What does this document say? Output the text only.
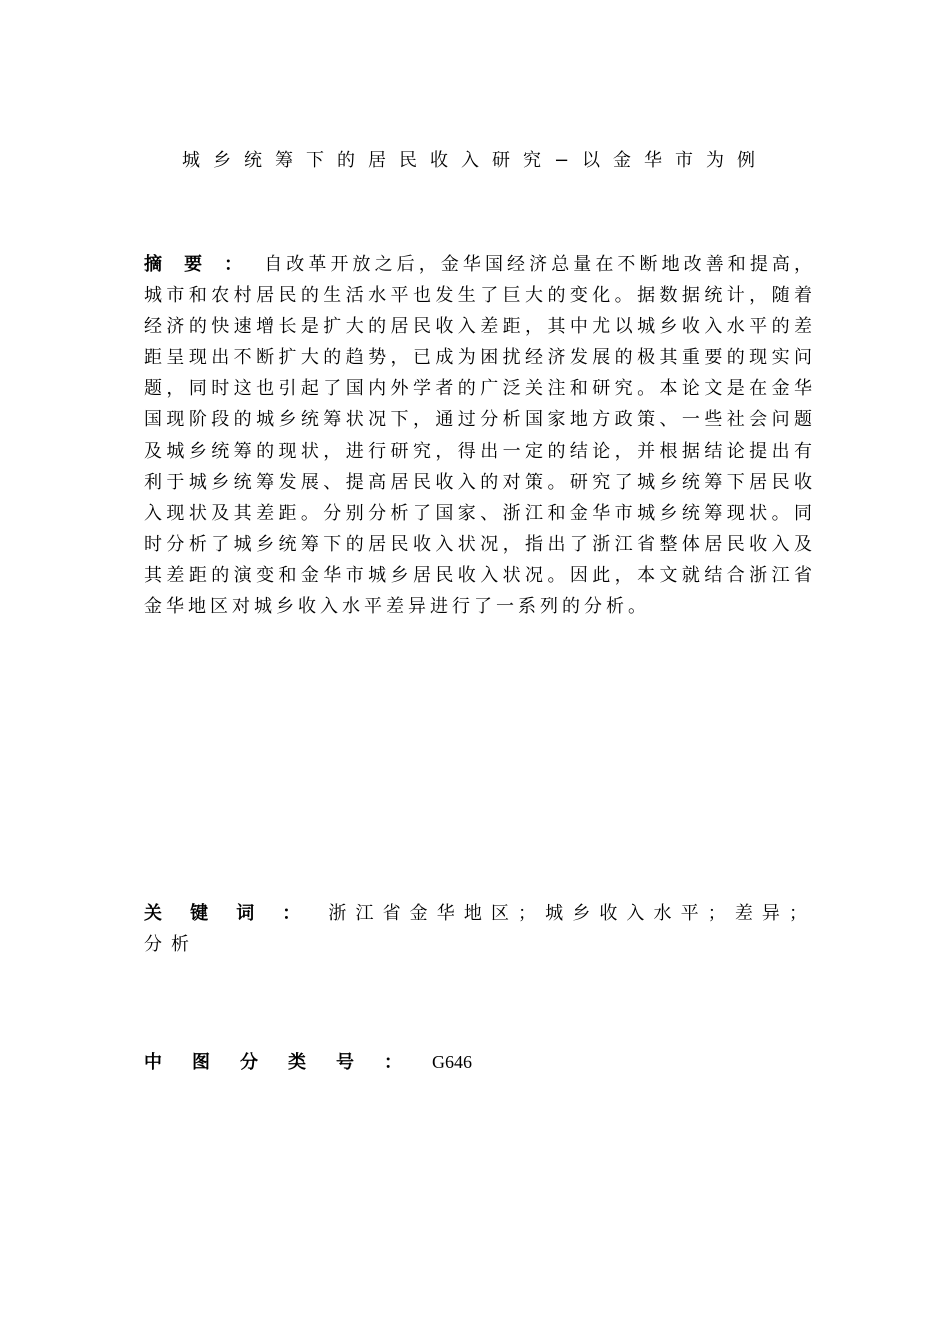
城乡统筹下的居民收入研究−以金华市为例
摘要：自改革开放之后，金华国经济总量在不断地改善和提高，城市和农村居民的生活水平也发生了巨大的变化。据数据统计，随着经济的快速增长是扩大的居民收入差距，其中尤以城乡收入水平的差距呈现出不断扩大的趋势，已成为困扰经济发展的极其重要的现实问题，同时这也引起了国内外学者的广泛关注和研究。本论文是在金华国现阶段的城乡统筹状况下，通过分析国家地方政策、一些社会问题及城乡统筹的现状，进行研究，得出一定的结论，并根据结论提出有利于城乡统筹发展、提高居民收入的对策。研究了城乡统筹下居民收入现状及其差距。分别分析了国家、浙江和金华市城乡统筹现状。同时分析了城乡统筹下的居民收入状况，指出了浙江省整体居民收入及其差距的演变和金华市城乡居民收入状况。因此，本文就结合浙江省金华地区对城乡收入水平差异进行了一系列的分析。
关键词：浙江省金华地区；城乡收入水平；差异；分析
中图分类号：G646
